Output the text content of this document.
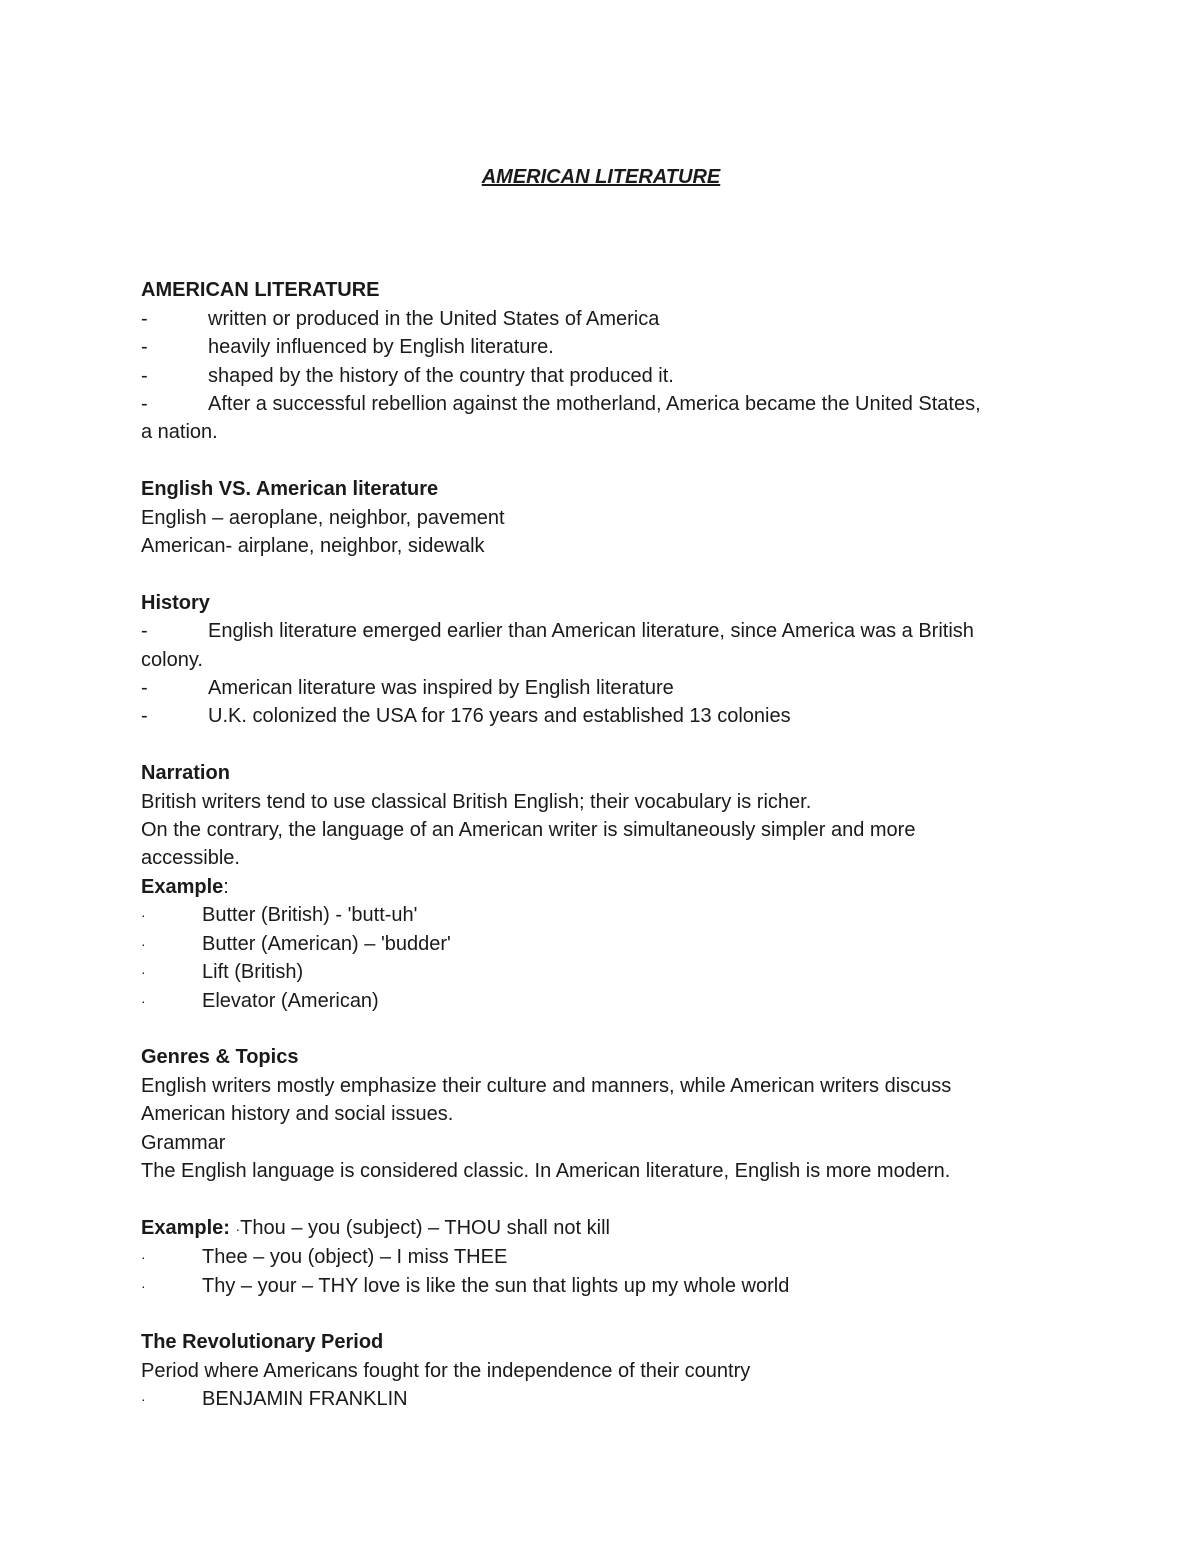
AMERICAN LITERATURE

AMERICAN LITERATURE

-	written or produced in the United States of America

-	heavily influenced by English literature.

-	shaped by the history of the country that produced it.

-	After a successful rebellion against the motherland, America became the United States,

a nation.

English VS. American literature

English – aeroplane, neighbor, pavement

American- airplane, neighbor, sidewalk

History

-	English literature emerged earlier than American literature, since America was a British

colony.

-	American literature was inspired by English literature

-	U.K. colonized the USA for 176 years and established 13 colonies

Narration

British writers tend to use classical British English; their vocabulary is richer.

On the contrary, the language of an American writer is simultaneously simpler and more

accessible.

Example:

·	Butter (British) - 'butt-uh'

·	Butter (American) – 'budder'

·	Lift (British)

·	Elevator (American)

Genres & Topics

English writers mostly emphasize their culture and manners, while American writers discuss

American history and social issues.

Grammar

The English language is considered classic. In American literature, English is more modern.

Example: ·Thou – you (subject) – THOU shall not kill

·	Thee – you (object) – I miss THEE

·	Thy – your – THY love is like the sun that lights up my whole world

The Revolutionary Period

Period where Americans fought for the independence of their country

·	BENJAMIN FRANKLIN
